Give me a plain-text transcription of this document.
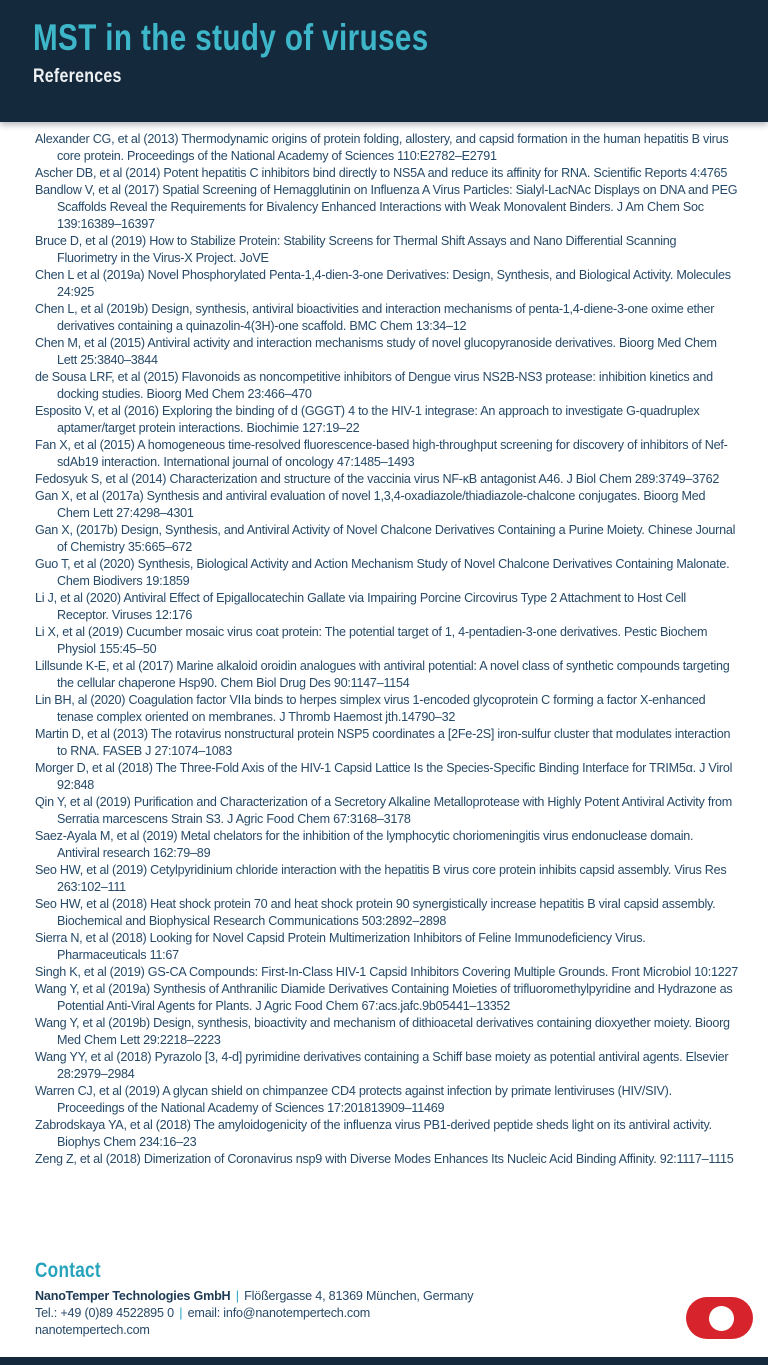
MST in the study of viruses
References
Alexander CG, et al (2013) Thermodynamic origins of protein folding, allostery, and capsid formation in the human hepatitis B virus core protein. Proceedings of the National Academy of Sciences 110:E2782–E2791
Ascher DB, et al (2014) Potent hepatitis C inhibitors bind directly to NS5A and reduce its affinity for RNA. Scientific Reports 4:4765
Bandlow V, et al (2017) Spatial Screening of Hemagglutinin on Influenza A Virus Particles: Sialyl-LacNAc Displays on DNA and PEG Scaffolds Reveal the Requirements for Bivalency Enhanced Interactions with Weak Monovalent Binders. J Am Chem Soc 139:16389–16397
Bruce D, et al (2019) How to Stabilize Protein: Stability Screens for Thermal Shift Assays and Nano Differential Scanning Fluorimetry in the Virus-X Project. JoVE
Chen L et al (2019a) Novel Phosphorylated Penta-1,4-dien-3-one Derivatives: Design, Synthesis, and Biological Activity. Molecules 24:925
Chen L, et al (2019b) Design, synthesis, antiviral bioactivities and interaction mechanisms of penta-1,4-diene-3-one oxime ether derivatives containing a quinazolin-4(3H)-one scaffold. BMC Chem 13:34–12
Chen M, et al (2015) Antiviral activity and interaction mechanisms study of novel glucopyranoside derivatives. Bioorg Med Chem Lett 25:3840–3844
de Sousa LRF, et al (2015) Flavonoids as noncompetitive inhibitors of Dengue virus NS2B-NS3 protease: inhibition kinetics and docking studies. Bioorg Med Chem 23:466–470
Esposito V, et al (2016) Exploring the binding of d (GGGT) 4 to the HIV-1 integrase: An approach to investigate G-quadruplex aptamer/target protein interactions. Biochimie 127:19–22
Fan X, et al (2015) A homogeneous time-resolved fluorescence-based high-throughput screening for discovery of inhibitors of Nef-sdAb19 interaction. International journal of oncology 47:1485–1493
Fedosyuk S, et al (2014) Characterization and structure of the vaccinia virus NF-κB antagonist A46. J Biol Chem 289:3749–3762
Gan X, et al (2017a) Synthesis and antiviral evaluation of novel 1,3,4-oxadiazole/thiadiazole-chalcone conjugates. Bioorg Med Chem Lett 27:4298–4301
Gan X, (2017b) Design, Synthesis, and Antiviral Activity of Novel Chalcone Derivatives Containing a Purine Moiety. Chinese Journal of Chemistry 35:665–672
Guo T, et al (2020) Synthesis, Biological Activity and Action Mechanism Study of Novel Chalcone Derivatives Containing Malonate. Chem Biodivers 19:1859
Li J, et al (2020) Antiviral Effect of Epigallocatechin Gallate via Impairing Porcine Circovirus Type 2 Attachment to Host Cell Receptor. Viruses 12:176
Li X, et al (2019) Cucumber mosaic virus coat protein: The potential target of 1, 4-pentadien-3-one derivatives. Pestic Biochem Physiol 155:45–50
Lillsunde K-E, et al (2017) Marine alkaloid oroidin analogues with antiviral potential: A novel class of synthetic compounds targeting the cellular chaperone Hsp90. Chem Biol Drug Des 90:1147–1154
Lin BH, al (2020) Coagulation factor VIIa binds to herpes simplex virus 1-encoded glycoprotein C forming a factor X-enhanced tenase complex oriented on membranes. J Thromb Haemost jth.14790–32
Martin D, et al (2013) The rotavirus nonstructural protein NSP5 coordinates a [2Fe-2S] iron-sulfur cluster that modulates interaction to RNA. FASEB J 27:1074–1083
Morger D, et al (2018) The Three-Fold Axis of the HIV-1 Capsid Lattice Is the Species-Specific Binding Interface for TRIM5α. J Virol 92:848
Qin Y, et al (2019) Purification and Characterization of a Secretory Alkaline Metalloprotease with Highly Potent Antiviral Activity from Serratia marcescens Strain S3. J Agric Food Chem 67:3168–3178
Saez-Ayala M, et al (2019) Metal chelators for the inhibition of the lymphocytic choriomeningitis virus endonuclease domain. Antiviral research 162:79–89
Seo HW, et al (2019) Cetylpyridinium chloride interaction with the hepatitis B virus core protein inhibits capsid assembly. Virus Res 263:102–111
Seo HW, et al (2018) Heat shock protein 70 and heat shock protein 90 synergistically increase hepatitis B viral capsid assembly. Biochemical and Biophysical Research Communications 503:2892–2898
Sierra N, et al (2018) Looking for Novel Capsid Protein Multimerization Inhibitors of Feline Immunodeficiency Virus. Pharmaceuticals 11:67
Singh K, et al (2019) GS-CA Compounds: First-In-Class HIV-1 Capsid Inhibitors Covering Multiple Grounds. Front Microbiol 10:1227
Wang Y, et al (2019a) Synthesis of Anthranilic Diamide Derivatives Containing Moieties of trifluoromethylpyridine and Hydrazone as Potential Anti-Viral Agents for Plants. J Agric Food Chem 67:acs.jafc.9b05441–13352
Wang Y, et al (2019b) Design, synthesis, bioactivity and mechanism of dithioacetal derivatives containing dioxyether moiety. Bioorg Med Chem Lett 29:2218–2223
Wang YY, et al (2018) Pyrazolo [3, 4-d] pyrimidine derivatives containing a Schiff base moiety as potential antiviral agents. Elsevier 28:2979–2984
Warren CJ, et al (2019) A glycan shield on chimpanzee CD4 protects against infection by primate lentiviruses (HIV/SIV). Proceedings of the National Academy of Sciences 17:201813909–11469
Zabrodskaya YA, et al (2018) The amyloidogenicity of the influenza virus PB1-derived peptide sheds light on its antiviral activity. Biophys Chem 234:16–23
Zeng Z, et al (2018) Dimerization of Coronavirus nsp9 with Diverse Modes Enhances Its Nucleic Acid Binding Affinity. 92:1117–1115
Contact

NanoTemper Technologies GmbH | Flößergasse 4, 81369 München, Germany

Tel.: +49 (0)89 4522895 0 | email: info@nanotempertech.com

nanotempertech.com
